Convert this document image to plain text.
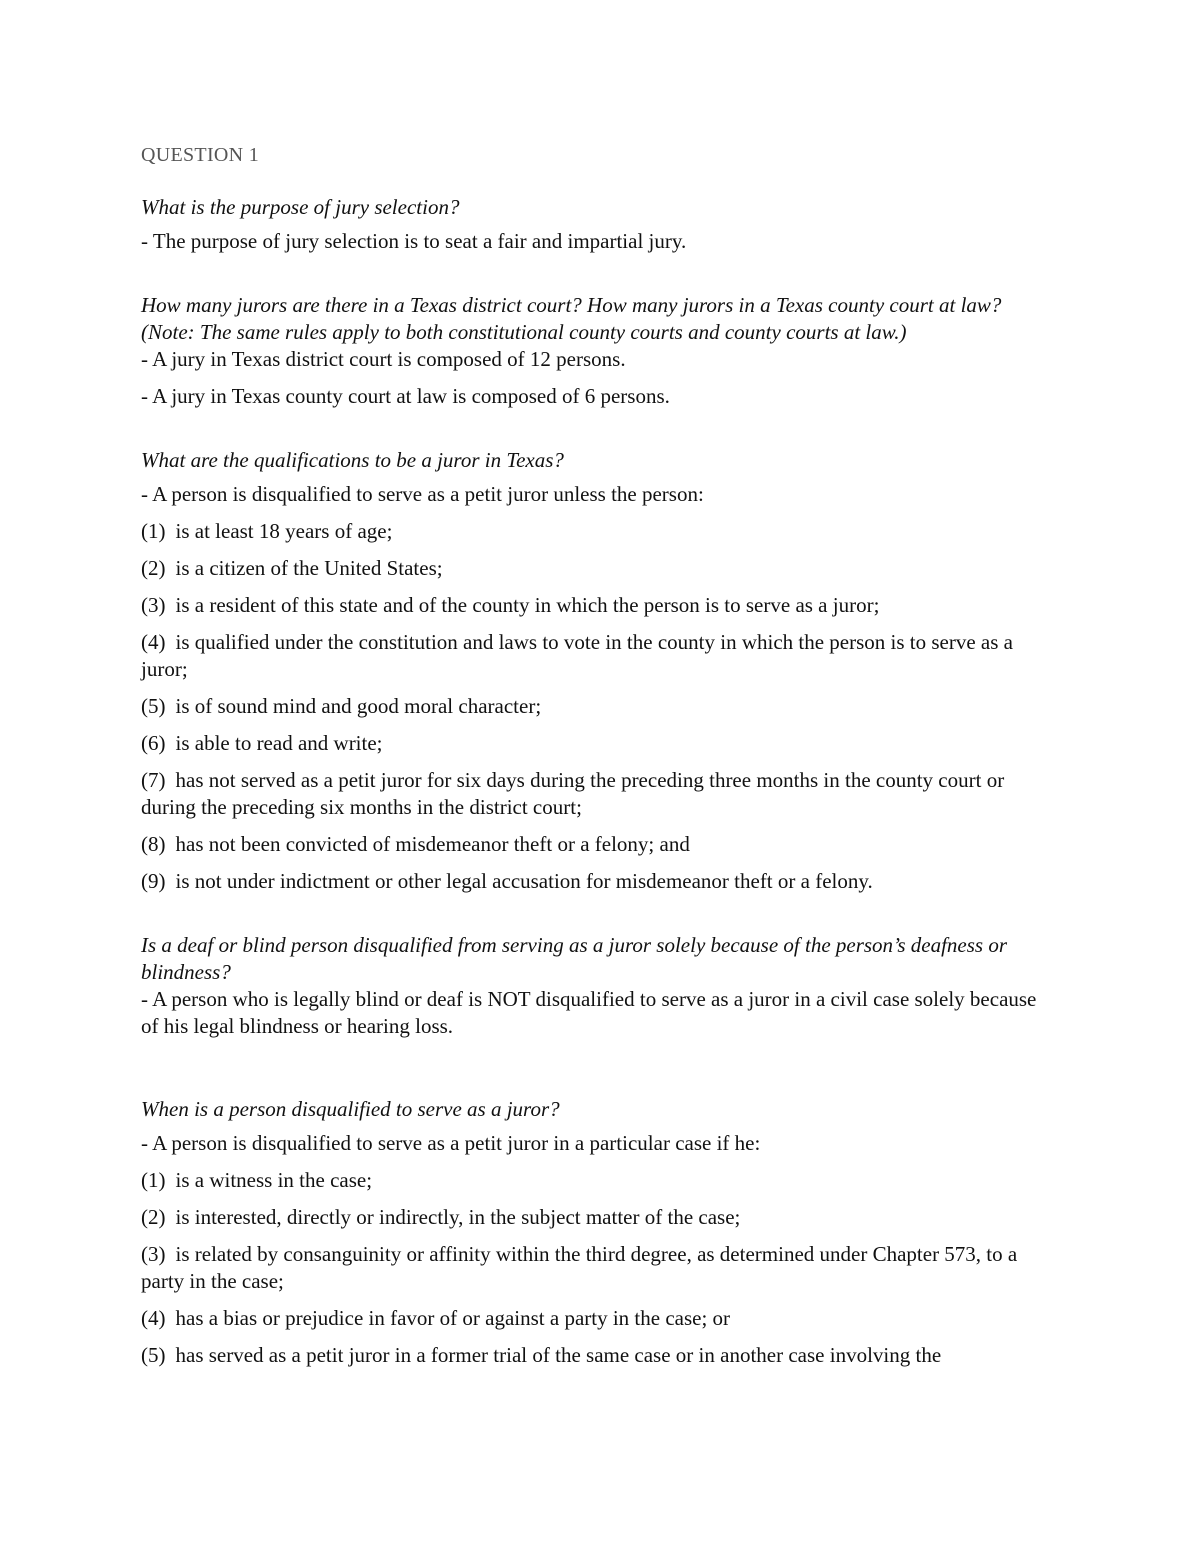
QUESTION 1

What is the purpose of jury selection?

- The purpose of jury selection is to seat a fair and impartial jury.

How many jurors are there in a Texas district court? How many jurors in a Texas county court at law? (Note: The same rules apply to both constitutional county courts and county courts at law.)

- A jury in Texas district court is composed of 12 persons.

- A jury in Texas county court at law is composed of 6 persons.

What are the qualifications to be a juror in Texas?

- A person is disqualified to serve as a petit juror unless the person:

(1) is at least 18 years of age;

(2) is a citizen of the United States;

(3) is a resident of this state and of the county in which the person is to serve as a juror;

(4) is qualified under the constitution and laws to vote in the county in which the person is to serve as a juror;

(5) is of sound mind and good moral character;

(6) is able to read and write;

(7) has not served as a petit juror for six days during the preceding three months in the county court or during the preceding six months in the district court;

(8) has not been convicted of misdemeanor theft or a felony; and

(9) is not under indictment or other legal accusation for misdemeanor theft or a felony.

Is a deaf or blind person disqualified from serving as a juror solely because of the person’s deafness or blindness?

- A person who is legally blind or deaf is NOT disqualified to serve as a juror in a civil case solely because of his legal blindness or hearing loss.

When is a person disqualified to serve as a juror?

- A person is disqualified to serve as a petit juror in a particular case if he:

(1) is a witness in the case;

(2) is interested, directly or indirectly, in the subject matter of the case;

(3) is related by consanguinity or affinity within the third degree, as determined under Chapter 573, to a party in the case;

(4) has a bias or prejudice in favor of or against a party in the case; or

(5) has served as a petit juror in a former trial of the same case or in another case involving the
